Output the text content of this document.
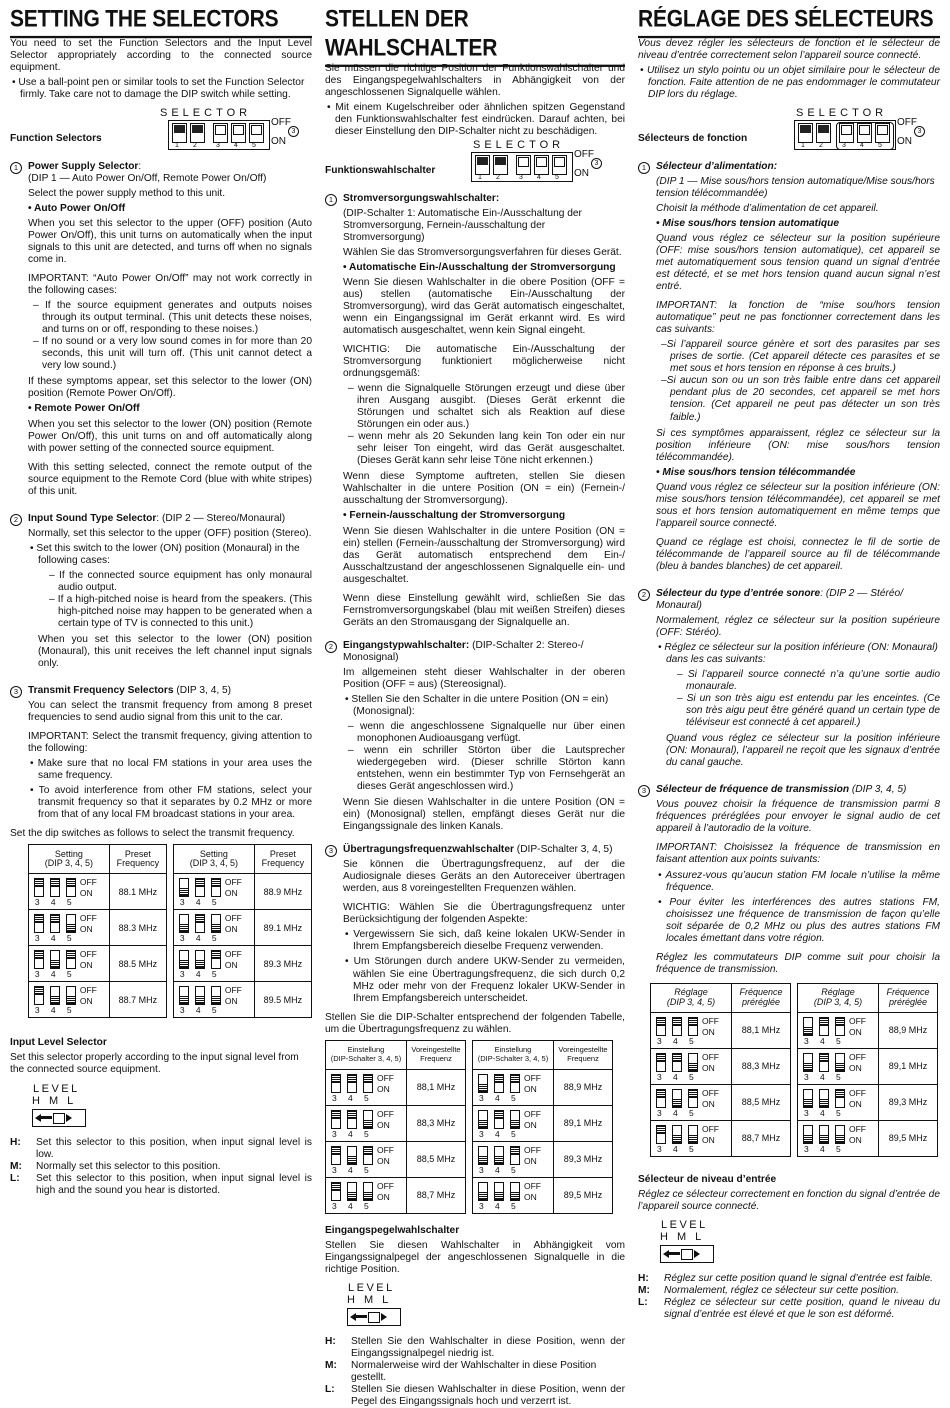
SETTING THE SELECTORS

You need to set the Function Selectors and the Input Level Selector appropriately according to the connected source equipment.

• Use a ball-point pen or similar tools to set the Function Selector firmly. Take care not to damage the DIP switch while setting.

Function Selectors
SELECTOR
1 2	3 4 5
OFF
3
ON
1 Power Supply Selector:
(DIP 1 — Auto Power On/Off, Remote Power On/Off)

Select the power supply method to this unit.

• Auto Power On/Off

When you set this selector to the upper (OFF) position (Auto Power On/Off), this unit turns on automatically when the input signals to this unit are detected, and turns off when no signals come in.

IMPORTANT: “Auto Power On/Off” may not work correctly in the following cases:

– If the source equipment generates and outputs noises through its output terminal. (This unit detects these noises, and turns on or off, responding to these noises.)

– If no sound or a very low sound comes in for more than 20 seconds, this unit will turn off. (This unit cannot detect a very low sound.)

If these symptoms appear, set this selector to the lower (ON) position (Remote Power On/Off).

• Remote Power On/Off

When you set this selector to the lower (ON) position (Remote Power On/Off), this unit turns on and off automatically along with power setting of the connected source equipment.

With this setting selected, connect the remote output of the source equipment to the Remote Cord (blue with white stripes) of this unit.

2 Input Sound Type Selector: (DIP 2 — Stereo/Monaural)

Normally, set this selector to the upper (OFF) position (Stereo).

• Set this switch to the lower (ON) position (Monaural) in the following cases:

– If the connected source equipment has only monaural audio output.

– If a high-pitched noise is heard from the speakers. (This high-pitched noise may happen to be generated when a certain type of TV is connected to this unit.)

When you set this selector to the lower (ON) position (Monaural), this unit receives the left channel input signals only.

3 Transmit Frequency Selectors (DIP 3, 4, 5)

You can select the transmit frequency from among 8 preset frequencies to send audio signal from this unit to the car.

IMPORTANT: Select the transmit frequency, giving attention to the following:

• Make sure that no local FM stations in your area uses the same frequency.

• To avoid interference from other FM stations, select your transmit frequency so that it separates by 0.2 MHz or more from that of any local FM broadcast stations in your area.

Set the dip switches as follows to select the transmit frequency.

Setting
(DIP 3, 4, 5)	Preset
Frequency

3 4 5
OFF
ON	88.1 MHz

3 4 5
OFF
ON	88.3 MHz

3 4 5
OFF
ON	88.5 MHz

3 4 5
OFF
ON	88.7 MHz
Setting
(DIP 3, 4, 5)	Preset
Frequency

3 4 5
OFF
ON	88.9 MHz

3 4 5
OFF
ON	89.1 MHz

3 4 5
OFF
ON	89.3 MHz

3 4 5
OFF
ON	89.5 MHz

Input Level Selector

Set this selector properly according to the input signal level from the connected source equipment.

LEVEL
HML
H:	Set this selector to this position, when input signal level is low.
M:	Normally set this selector to this position.
L:	Set this selector to this position, when input signal level is high and the sound you hear is distorted.
STELLEN DER WAHLSCHALTER

Sie müssen die richtige Position der Funktionswahlschalter und des Eingangspegelwahlschalters in Abhängigkeit von der angeschlossenen Signalquelle wählen.

• Mit einem Kugelschreiber oder ähnlichen spitzen Gegenstand den Funktionswahlschalter fest eindrücken. Darauf achten, bei dieser Einstellung den DIP-Schalter nicht zu beschädigen.

Funktionswahlschalter
SELECTOR
1 2	3 4 5
OFF
3
ON
1 Stromversorgungswahlschalter:

(DIP-Schalter 1: Automatische Ein-/Ausschaltung der Stromversorgung, Fernein-/ausschaltung der Stromversorgung)

Wählen Sie das Stromversorgungsverfahren für dieses Gerät.

• Automatische Ein-/Ausschaltung der Stromversorgung

Wenn Sie diesen Wahlschalter in die obere Position (OFF = aus) stellen (automatische Ein-/Ausschaltung der Stromversorgung), wird das Gerät automatisch eingeschaltet, wenn ein Eingangssignal im Gerät erkannt wird. Es wird automatisch ausgeschaltet, wenn kein Signal eingeht.

WICHTIG: Die automatische Ein-/Ausschaltung der Stromversorgung funktioniert möglicherweise nicht ordnungsgemäß:

– wenn die Signalquelle Störungen erzeugt und diese über ihren Ausgang ausgibt. (Dieses Gerät erkennt die Störungen und schaltet sich als Reaktion auf diese Störungen ein oder aus.)

– wenn mehr als 20 Sekunden lang kein Ton oder ein nur sehr leiser Ton eingeht, wird das Gerät ausgeschaltet. (Dieses Gerät kann sehr leise Töne nicht erkennen.)

Wenn diese Symptome auftreten, stellen Sie diesen Wahlschalter in die untere Position (ON = ein) (Fernein-/ ausschaltung der Stromversorgung).

• Fernein-/ausschaltung der Stromversorgung

Wenn Sie diesen Wahlschalter in die untere Position (ON = ein) stellen (Fernein-/ausschaltung der Stromversorgung) wird das Gerät automatisch entsprechend dem Ein-/ Ausschaltzustand der angeschlossenen Signalquelle ein- und ausgeschaltet.

Wenn diese Einstellung gewählt wird, schließen Sie das Fernstromversorgungskabel (blau mit weißen Streifen) dieses Geräts an den Stromausgang der Signalquelle an.

2 Eingangstypwahlschalter: (DIP-Schalter 2: Stereo-/ Monosignal)

Im allgemeinen steht dieser Wahlschalter in der oberen Position (OFF = aus) (Stereosignal).

• Stellen Sie den Schalter in die untere Position (ON = ein) (Monosignal):

– wenn die angeschlossene Signalquelle nur über einen monophonen Audioausgang verfügt.

– wenn ein schriller Störton über die Lautsprecher wiedergegeben wird. (Dieser schrille Störton kann entstehen, wenn ein bestimmter Typ von Fernsehgerät an dieses Gerät angeschlossen wird.)

Wenn Sie diesen Wahlschalter in die untere Position (ON = ein) (Monosignal) stellen, empfängt dieses Gerät nur die Eingangssignale des linken Kanals.

3 Übertragungsfrequenzwahlschalter (DIP-Schalter 3, 4, 5)

Sie können die Übertragungsfrequenz, auf der die Audiosignale dieses Geräts an den Autoreceiver übertragen werden, aus 8 voreingestellten Frequenzen wählen.

WICHTIG: Wählen Sie die Übertragungsfrequenz unter Berücksichtigung der folgenden Aspekte:

• Vergewissern Sie sich, daß keine lokalen UKW-Sender in Ihrem Empfangsbereich dieselbe Frequenz verwenden.

• Um Störungen durch andere UKW-Sender zu vermeiden, wählen Sie eine Übertragungsfrequenz, die sich durch 0,2 MHz oder mehr von der Frequenz lokaler UKW-Sender in Ihrem Empfangsbereich unterscheidet.

Stellen Sie die DIP-Schalter entsprechend der folgenden Tabelle, um die Übertragungsfrequenz zu wählen.

Einstellung
(DIP-Schalter 3, 4, 5)	Voreingestellte
Frequenz

3 4 5
OFF
ON	88,1 MHz

3 4 5
OFF
ON	88,3 MHz

3 4 5
OFF
ON	88,5 MHz

3 4 5
OFF
ON	88,7 MHz
Einstellung
(DIP-Schalter 3, 4, 5)	Voreingestellte
Frequenz

3 4 5
OFF
ON	88,9 MHz

3 4 5
OFF
ON	89,1 MHz

3 4 5
OFF
ON	89,3 MHz

3 4 5
OFF
ON	89,5 MHz

Eingangspegelwahlschalter

Stellen Sie diesen Wahlschalter in Abhängigkeit vom Eingangssignalpegel der angeschlossenen Signalquelle in die richtige Position.

LEVEL
HML
H:	Stellen Sie den Wahlschalter in diese Position, wenn der Eingangssignalpegel niedrig ist.
M:	Normalerweise wird der Wahlschalter in diese Position gestellt.
L:	Stellen Sie diesen Wahlschalter in diese Position, wenn der Pegel des Eingangssignals hoch und verzerrt ist.
RÉGLAGE DES SÉLECTEURS

Vous devez régler les sélecteurs de fonction et le sélecteur de niveau d’entrée correctement selon l’appareil source connecté.

• Utilisez un stylo pointu ou un objet similaire pour le sélecteur de fonction. Faite attention de ne pas endommager le commutateur DIP lors du réglage.

Sélecteurs de fonction
SELECTOR
1 2	3 4 5
OFF
3
ON
1 Sélecteur d’alimentation:

(DIP 1 — Mise sous/hors tension automatique/Mise sous/hors tension télécommandée)

Choisit la méthode d’alimentation de cet appareil.

• Mise sous/hors tension automatique

Quand vous réglez ce sélecteur sur la position supérieure (OFF: mise sous/hors tension automatique), cet appareil se met automatiquement sous tension quand un signal d’entrée est détecté, et se met hors tension quand aucun signal n’est entré.

IMPORTANT: la fonction de “mise sou/hors tension automatique” peut ne pas fonctionner correctement dans les cas suivants:

–Si l’appareil source génère et sort des parasites par ses prises de sortie. (Cet appareil détecte ces parasites et se met sous et hors tension en réponse à ces bruits.)

–Si aucun son ou un son très faible entre dans cet appareil pendant plus de 20 secondes, cet appareil se met hors tension. (Cet appareil ne peut pas détecter un son très faible.)

Si ces symptômes apparaissent, réglez ce sélecteur sur la position inférieure (ON: mise sous/hors tension télécommandée).

• Mise sous/hors tension télécommandée

Quand vous réglez ce sélecteur sur la position inférieure (ON: mise sous/hors tension télécommandée), cet appareil se met sous et hors tension automatiquement en même temps que l’appareil source connecté.

Quand ce réglage est choisi, connectez le fil de sortie de télécommande de l’appareil source au fil de télécommande (bleu à bandes blanches) de cet appareil.

2 Sélecteur du type d’entrée sonore: (DIP 2 — Stéréo/ Monaural)

Normalement, réglez ce sélecteur sur la position supérieure (OFF: Stéréo).

• Réglez ce sélecteur sur la position inférieure (ON: Monaural) dans les cas suivants:

– Si l’appareil source connecté n’a qu’une sortie audio monaurale.

– Si un son très aigu est entendu par les enceintes. (Ce son très aigu peut être généré quand un certain type de téléviseur est connecté à cet appareil.)

Quand vous réglez ce sélecteur sur la position inférieure (ON: Monaural), l’appareil ne reçoit que les signaux d’entrée du canal gauche.

3 Sélecteur de fréquence de transmission (DIP 3, 4, 5)

Vous pouvez choisir la fréquence de transmission parmi 8 fréquences préréglées pour envoyer le signal audio de cet appareil à l’autoradio de la voiture.

IMPORTANT: Choisissez la fréquence de transmission en faisant attention aux points suivants:

• Assurez-vous qu’aucun station FM locale n’utilise la même fréquence.

• Pour éviter les interférences des autres stations FM, choisissez une fréquence de transmission de façon qu’elle soit séparée de 0,2 MHz ou plus des autres stations FM locales émettant dans votre région.

Réglez les commutateurs DIP comme suit pour choisir la fréquence de transmission.

Réglage
(DIP 3, 4, 5)	Fréquence
préréglée

3 4 5
OFF
ON	88,1 MHz

3 4 5
OFF
ON	88,3 MHz

3 4 5
OFF
ON	88,5 MHz

3 4 5
OFF
ON	88,7 MHz
Réglage
(DIP 3, 4, 5)	Fréquence
préréglée

3 4 5
OFF
ON	88,9 MHz

3 4 5
OFF
ON	89,1 MHz

3 4 5
OFF
ON	89,3 MHz

3 4 5
OFF
ON	89,5 MHz

Sélecteur de niveau d’entrée

Réglez ce sélecteur correctement en fonction du signal d’entrée de l’appareil source connecté.

LEVEL
HML
H:	Réglez sur cette position quand le signal d’entrée est faible.
M:	Normalement, réglez ce sélecteur sur cette position.
L:	Réglez ce sélecteur sur cette position, quand le niveau du signal d’entrée est élevé et que le son est déformé.
